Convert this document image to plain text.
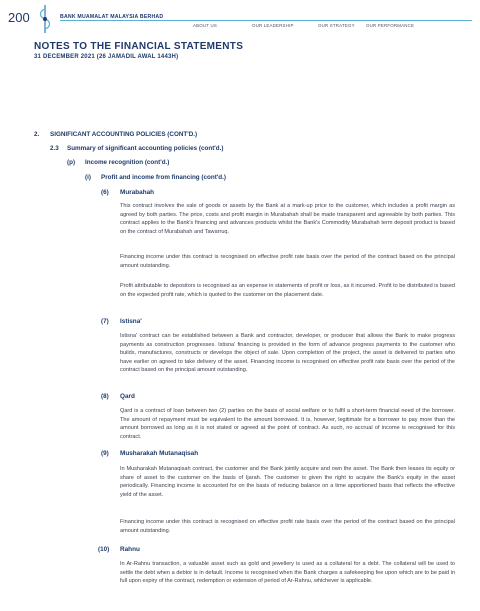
200	BANK MUAMALAT MALAYSIA BERHAD
ABOUT US	OUR LEADERSHIP	OUR STRATEGY	OUR PERFORMANCE
NOTES TO THE FINANCIAL STATEMENTS
31 DECEMBER 2021 (26 JAMADIL AWAL 1443H)
2. SIGNIFICANT ACCOUNTING POLICIES (CONT'D.)
2.3 Summary of significant accounting policies (cont'd.)
(p) Income recognition (cont'd.)
(i) Profit and income from financing (cont'd.)
(6) Murabahah

This contract involves the sale of goods or assets by the Bank at a mark-up price to the customer, which includes a profit margin as agreed by both parties. The price, costs and profit margin in Murabahah shall be made transparent and agreeable by both parties. This contract applies to the Bank's financing and advances products whilst the Bank's Commodity Murabahah term deposit product is based on the contract of Murabahah and Tawarruq.

Financing income under this contract is recognised on effective profit rate basis over the period of the contract based on the principal amount outstanding.

Profit attributable to depositors is recognised as an expense in statements of profit or loss, as it incurred. Profit to be distributed is based on the expected profit rate, which is quoted to the customer on the placement date.

(7) Istisna'

Istisna' contract can be established between a Bank and contractor, developer, or producer that allows the Bank to make progress payments as construction progresses. Istisna' financing is provided in the form of advance progress payments to the customer who builds, manufactures, constructs or develops the object of sale. Upon completion of the project, the asset is delivered to parties who have earlier on agreed to take delivery of the asset. Financing income is recognised on effective profit rate basis over the period of the contract based on the principal amount outstanding.

(8) Qard

Qard is a contract of loan between two (2) parties on the basis of social welfare or to fulfil a short-term financial need of the borrower. The amount of repayment must be equivalent to the amount borrowed. It is, however, legitimate for a borrower to pay more than the amount borrowed as long as it is not stated or agreed at the point of contract. As such, no accrual of income is recognised for this contract.

(9) Musharakah Mutanaqisah

In Musharakah Mutanaqisah contract, the customer and the Bank jointly acquire and own the asset. The Bank then leases its equity or share of asset to the customer on the basis of Ijarah. The customer is given the right to acquire the Bank's equity in the asset periodically. Financing income is accounted for on the basis of reducing balance on a time apportioned basis that reflects the effective yield of the asset.

Financing income under this contract is recognised on effective profit rate basis over the period of the contract based on the principal amount outstanding.

(10) Rahnu

In Ar-Rahnu transaction, a valuable asset such as gold and jewellery is used as a collateral for a debt. The collateral will be used to settle the debt when a debtor is in default. Income is recognised when the Bank charges a safekeeping fee upon which are to be paid in full upon expiry of the contract, redemption or extension of period of Ar-Rahnu, whichever is applicable.
